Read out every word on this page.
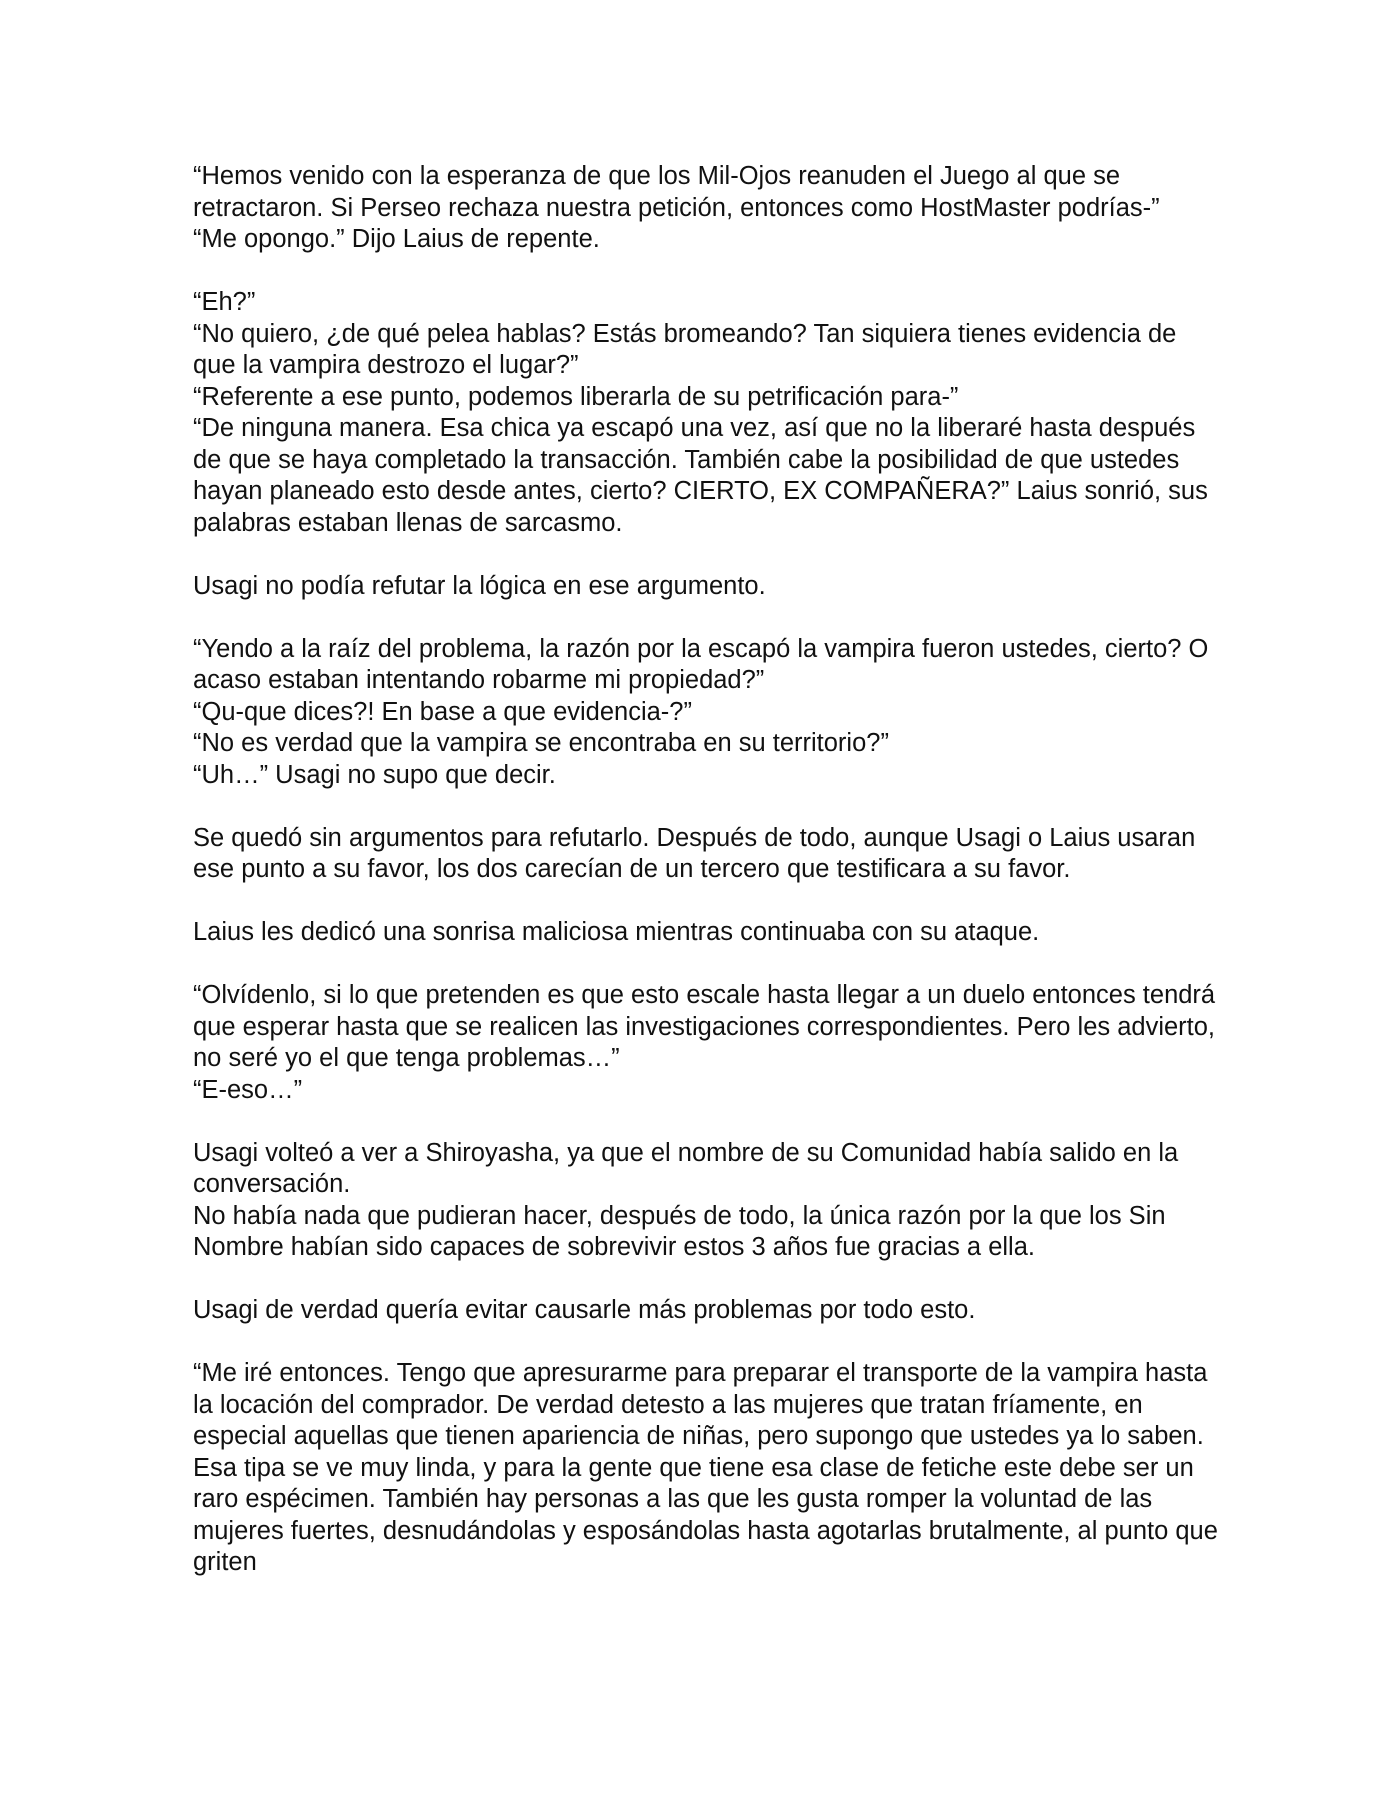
“Hemos venido con la esperanza de que los Mil-Ojos reanuden el Juego al que se retractaron. Si Perseo rechaza nuestra petición, entonces como HostMaster podrías-”

“Me opongo.” Dijo Laius de repente.

“Eh?”

“No quiero, ¿de qué pelea hablas? Estás bromeando? Tan siquiera tienes evidencia de que la vampira destrozo el lugar?”

“Referente a ese punto, podemos liberarla de su petrificación para-”

“De ninguna manera. Esa chica ya escapó una vez, así que no la liberaré hasta después de que se haya completado la transacción. También cabe la posibilidad de que ustedes hayan planeado esto desde antes, cierto? CIERTO, EX COMPAÑERA?” Laius sonrió, sus palabras estaban llenas de sarcasmo.

Usagi no podía refutar la lógica en ese argumento.

“Yendo a la raíz del problema, la razón por la escapó la vampira fueron ustedes, cierto? O acaso estaban intentando robarme mi propiedad?”

“Qu-que dices?! En base a que evidencia-?”

“No es verdad que la vampira se encontraba en su territorio?”

“Uh…” Usagi no supo que decir.

Se quedó sin argumentos para refutarlo. Después de todo, aunque Usagi o Laius usaran ese punto a su favor, los dos carecían de un tercero que testificara a su favor.

Laius les dedicó una sonrisa maliciosa mientras continuaba con su ataque.

“Olvídenlo, si lo que pretenden es que esto escale hasta llegar a un duelo entonces tendrá que esperar hasta que se realicen las investigaciones correspondientes. Pero les advierto, no seré yo el que tenga problemas…”

“E-eso…”

Usagi volteó a ver a Shiroyasha, ya que el nombre de su Comunidad había salido en la conversación.

No había nada que pudieran hacer, después de todo, la única razón por la que los Sin Nombre habían sido capaces de sobrevivir estos 3 años fue gracias a ella.

Usagi de verdad quería evitar causarle más problemas por todo esto.

“Me iré entonces. Tengo que apresurarme para preparar el transporte de la vampira hasta la locación del comprador. De verdad detesto a las mujeres que tratan fríamente, en especial aquellas que tienen apariencia de niñas, pero supongo que ustedes ya lo saben. Esa tipa se ve muy linda, y para la gente que tiene esa clase de fetiche este debe ser un raro espécimen. También hay personas a las que les gusta romper la voluntad de las mujeres fuertes, desnudándolas y esposándolas hasta agotarlas brutalmente, al punto que griten
